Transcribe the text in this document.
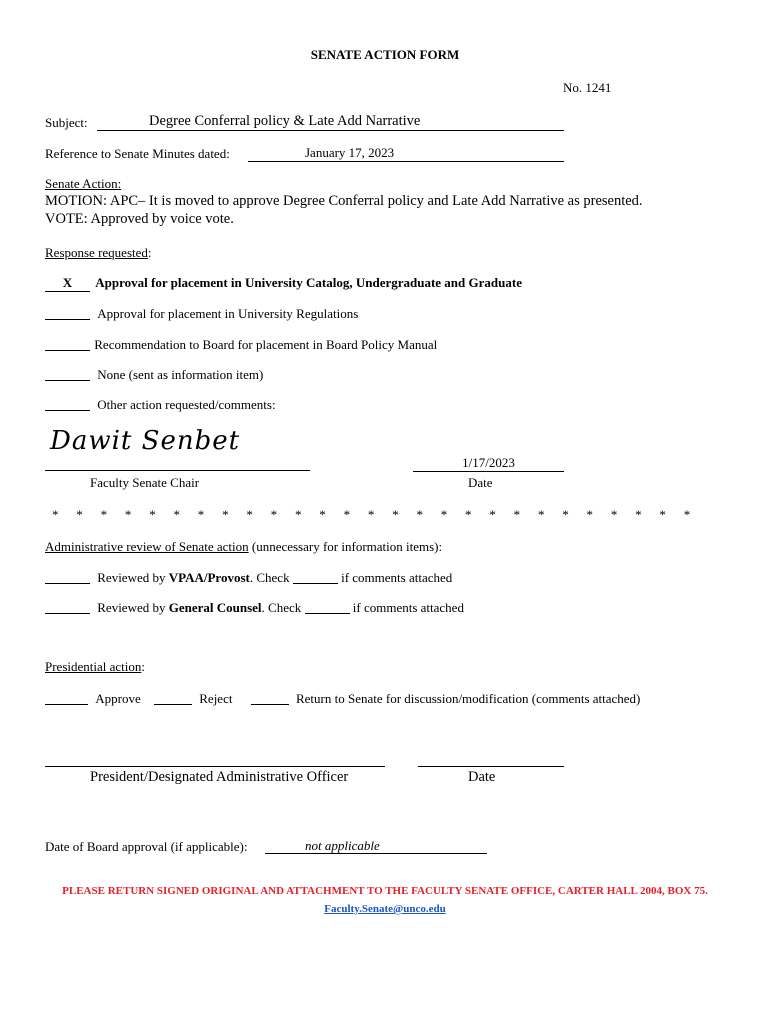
SENATE ACTION FORM
No. 1241
Subject:	Degree Conferral policy & Late Add Narrative
Reference to Senate Minutes dated:	January 17, 2023
Senate Action:
MOTION: APC– It is moved to approve Degree Conferral policy and Late Add Narrative as presented.
VOTE: Approved by voice vote.
Response requested:
X Approval for placement in University Catalog, Undergraduate and Graduate
Approval for placement in University Regulations
Recommendation to Board for placement in Board Policy Manual
None (sent as information item)
Other action requested/comments:
Dawit Senbet
Faculty Senate Chair
1/17/2023
Date
* * * * * * * * * * * * * * * * * * * * * * * * * * *
Administrative review of Senate action (unnecessary for information items):
Reviewed by VPAA/Provost. Check	if comments attached
Reviewed by General Counsel. Check	if comments attached
Presidential action:
Approve	Reject	Return to Senate for discussion/modification (comments attached)
President/Designated Administrative Officer	Date
Date of Board approval (if applicable):	not applicable
PLEASE RETURN SIGNED ORIGINAL AND ATTACHMENT TO THE FACULTY SENATE OFFICE, CARTER HALL 2004, BOX 75.
Faculty.Senate@unco.edu
